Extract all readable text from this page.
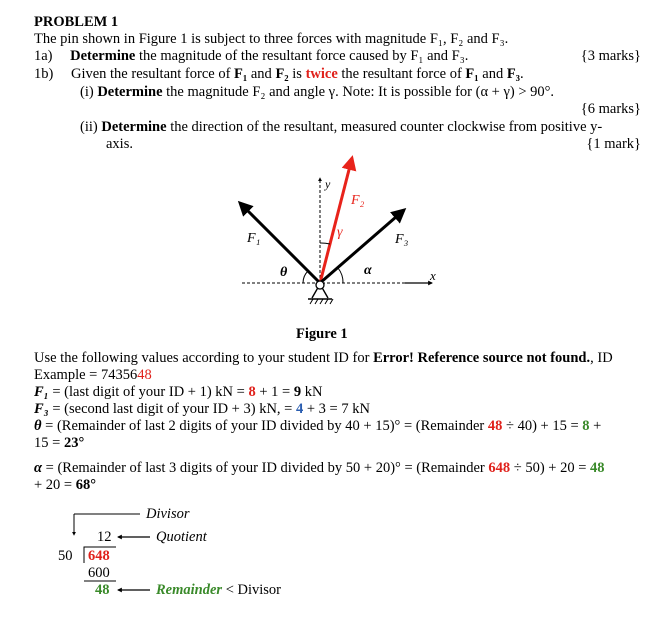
PROBLEM 1
The pin shown in Figure 1 is subject to three forces with magnitude F₁, F₂ and F₃.
1a) Determine the magnitude of the resultant force caused by F₁ and F₃.	{3 marks}
1b) Given the resultant force of F₁ and F₂ is twice the resultant force of F₁ and F₃.
(i) Determine the magnitude F₂ and angle γ. Note: It is possible for (α + γ) > 90°.
{6 marks}
(ii) Determine the direction of the resultant, measured counter clockwise from positive y-
axis.	{1 mark}
y
x
F₁
F₂
F₃
γ
θ	α
Figure 1
Use the following values according to your student ID for Error! Reference source not found., ID
Example = 7435648
F₁ = (last digit of your ID + 1) kN = 8 + 1 = 9 kN
F₃ = (second last digit of your ID + 3) kN, = 4 + 3 = 7 kN
θ = (Remainder of last 2 digits of your ID divided by 40 + 15)° = (Remainder 48 ÷ 40) + 15 = 8 +
15 = 23°
α = (Remainder of last 3 digits of your ID divided by 50 + 20)° = (Remainder 648 ÷ 50) + 20 = 48
+ 20 = 68°
Divisor
Quotient
12
50 648
600
48	Remainder < Divisor
